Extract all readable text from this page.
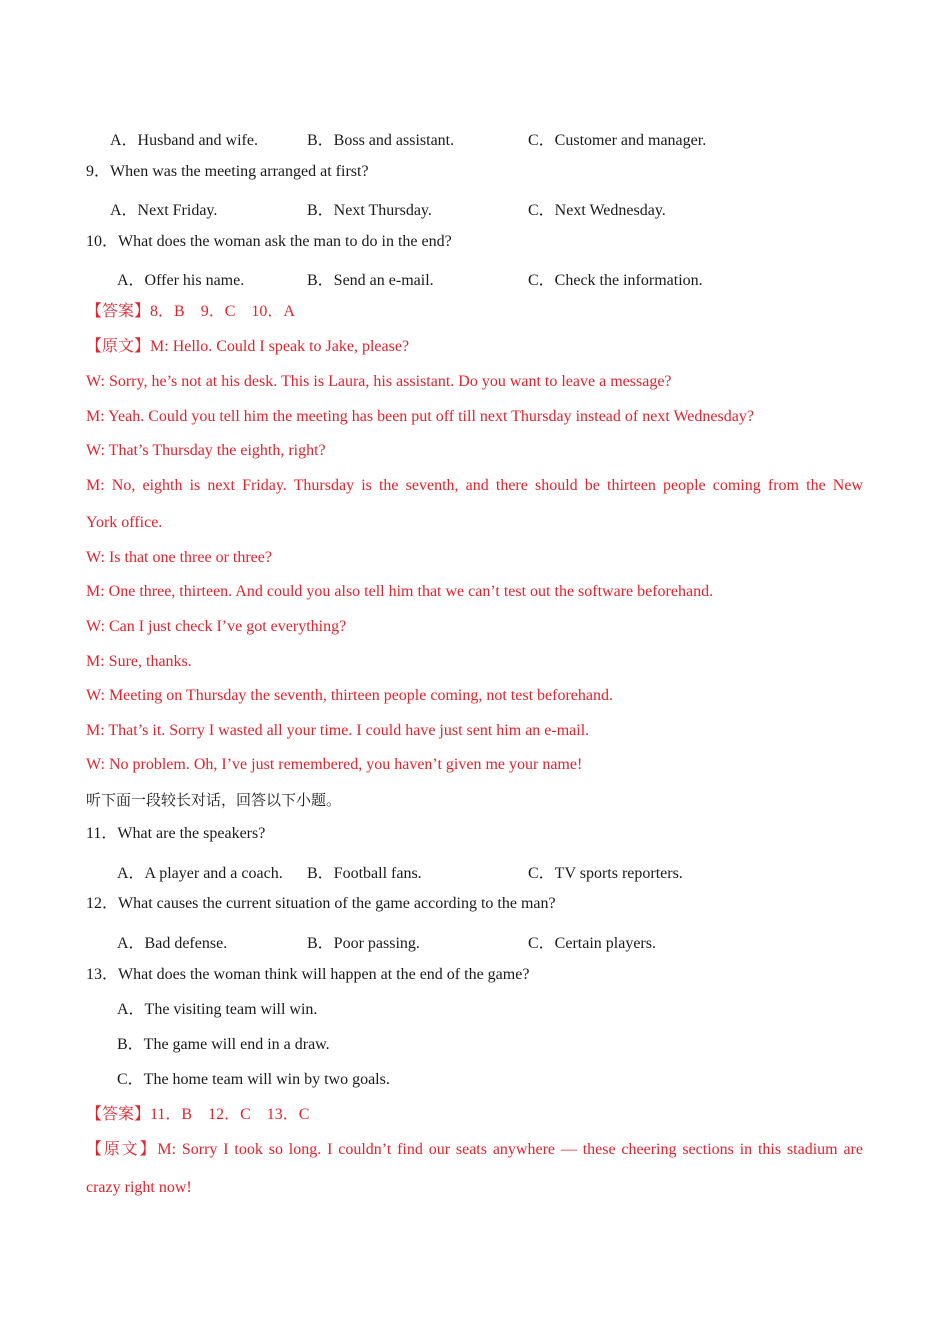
A．Husband and wife.	B．Boss and assistant.	C．Customer and manager.
9．When was the meeting arranged at first?
A．Next Friday.	B．Next Thursday.	C．Next Wednesday.
10．What does the woman ask the man to do in the end?
A．Offer his name.	B．Send an e-mail.	C．Check the information.
【答案】8．B    9．C    10．A
【原文】M: Hello. Could I speak to Jake, please?
W: Sorry, he’s not at his desk. This is Laura, his assistant. Do you want to leave a message?
M: Yeah. Could you tell him the meeting has been put off till next Thursday instead of next Wednesday?
W: That’s Thursday the eighth, right?
M: No, eighth is next Friday. Thursday is the seventh, and there should be thirteen people coming from the New
York office.
W: Is that one three or three?
M: One three, thirteen. And could you also tell him that we can’t test out the software beforehand.
W: Can I just check I’ve got everything?
M: Sure, thanks.
W: Meeting on Thursday the seventh, thirteen people coming, not test beforehand.
M: That’s it. Sorry I wasted all your time. I could have just sent him an e-mail.
W: No problem. Oh, I’ve just remembered, you haven’t given me your name!
听下面一段较长对话，回答以下小题。
11．What are the speakers?
A．A player and a coach. B．Football fans.	C．TV sports reporters.
12．What causes the current situation of the game according to the man?
A．Bad defense.	B．Poor passing.	C．Certain players.
13．What does the woman think will happen at the end of the game?
A．The visiting team will win.
B．The game will end in a draw.
C．The home team will win by two goals.
【答案】11．B    12．C    13．C
【原文】M: Sorry I took so long. I couldn’t find our seats anywhere — these cheering sections in this stadium are
crazy right now!
